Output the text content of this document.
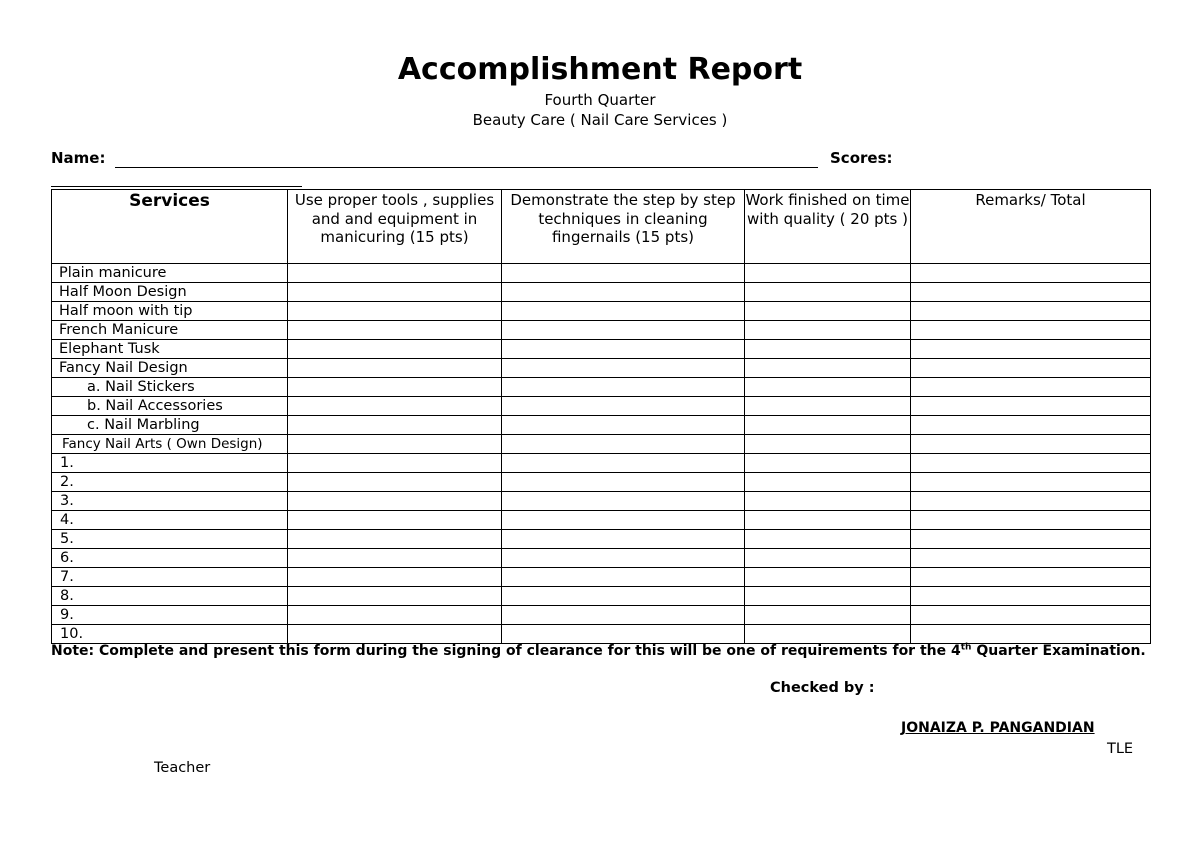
Accomplishment Report
Fourth Quarter
Beauty Care ( Nail Care Services )
Name:	Scores:
Services	Use proper tools , supplies and and equipment in manicuring (15 pts)	Demonstrate the step by step techniques in cleaning fingernails (15 pts)	Work finished on time with quality ( 20 pts )	Remarks/ Total
Plain manicure				
Half Moon Design				
Half moon with tip				
French Manicure				
Elephant Tusk				
Fancy Nail Design				
a. Nail Stickers				
b. Nail Accessories				
c. Nail Marbling				
Fancy Nail Arts ( Own Design)				
1.				
2.				
3.				
4.				
5.				
6.				
7.				
8.				
9.				
10.				
Note: Complete and present this form during the signing of clearance for this will be one of requirements for the 4th Quarter Examination.
Checked by :
JONAIZA P. PANGANDIAN
TLE
Teacher
